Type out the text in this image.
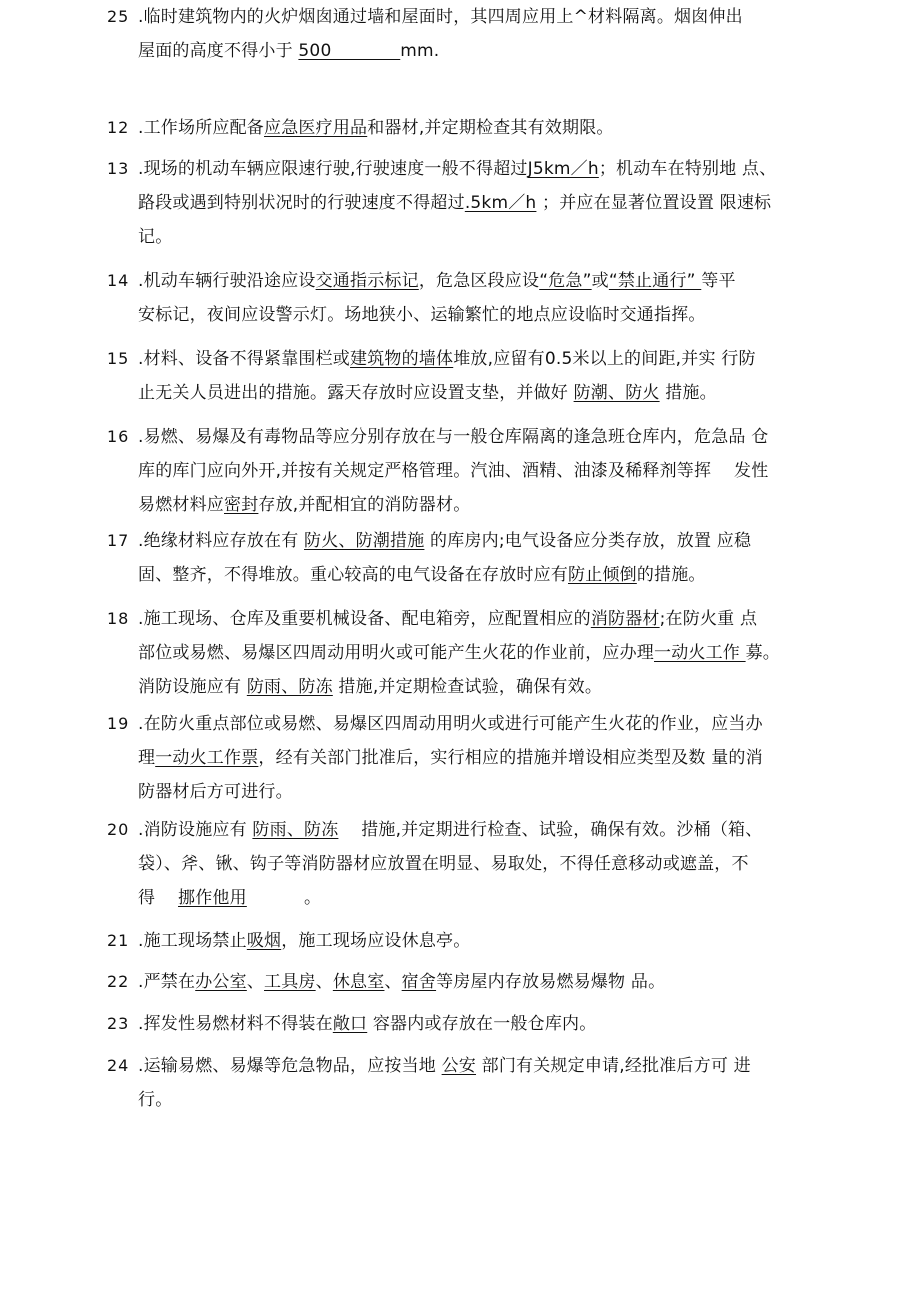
12 .工作场所应配备应急医疗用品和器材,并定期检查其有效期限。
13 .现场的机动车辆应限速行驶,行驶速度一般不得超过J5km／h；机动车在特别地 点、
路段或遇到特别状况时的行驶速度不得超过.5km／h ；并应在显著位置设置 限速标
记。
14 .机动车辆行驶沿途应设交通指示标记，危急区段应设“危急”或“禁止通行” 等平
安标记，夜间应设警示灯。场地狭小、运输繁忙的地点应设临时交通指挥。
15 .材料、设备不得紧靠围栏或建筑物的墙体堆放,应留有0.5米以上的间距,并实 行防
止无关人员进出的措施。露天存放时应设置支垫，并做好 防潮、防火 措施。
16 .易燃、易爆及有毒物品等应分别存放在与一般仓库隔离的逢急班仓库内，危急品 仓
库的库门应向外开,并按有关规定严格管理。汽油、酒精、油漆及稀释剂等挥　 发性
易燃材料应密封存放,并配相宜的消防器材。
17 .绝缘材料应存放在有 防火、防潮措施 的库房内;电气设备应分类存放，放置 应稳
固、整齐，不得堆放。重心较高的电气设备在存放时应有防止倾倒的措施。
18 .施工现场、仓库及重要机械设备、配电箱旁，应配置相应的消防器材;在防火重 点
部位或易燃、易爆区四周动用明火或可能产生火花的作业前，应办理一动火工作 募。
消防设施应有 防雨、防冻 措施,并定期检查试验，确保有效。
19 .在防火重点部位或易燃、易爆区四周动用明火或进行可能产生火花的作业，应当办
理一动火工作票，经有关部门批准后，实行相应的措施并增设相应类型及数 量的消
防器材后方可进行。
20 .消防设施应有 防雨、防冻　 措施,并定期进行检查、试验，确保有效。沙桶（箱、
袋）、斧、锹、钩子等消防器材应放置在明显、易取处，不得任意移动或遮盖，不
得　 挪作他用　　　 。
21 .施工现场禁止吸烟，施工现场应设休息亭。
22 .严禁在办公室、工具房、休息室、宿舍等房屋内存放易燃易爆物 品。
23 .挥发性易燃材料不得装在敞口 容器内或存放在一般仓库内。
24 .运输易燃、易爆等危急物品，应按当地 公安 部门有关规定申请,经批准后方可 进
行。
25 .临时建筑物内的火炉烟囱通过墙和屋面时，其四周应用上^材料隔离。烟囱伸出
屋面的高度不得小于 500　　　　mm.
